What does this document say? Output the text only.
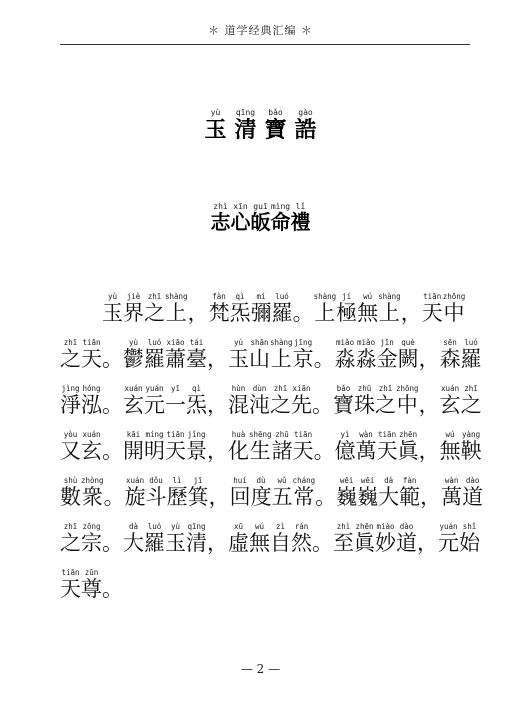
＊ 道学经典汇编 ＊
玉yù清qīng寶bǎo誥gào
志zhì心xīn皈guī命mìng禮lǐ
　　玉yù界jiè之zhī上shàng，梵fàn炁qì彌mí羅luó。上shàng極jí無wú上shàng，天tiān中zhōng
之zhī天tiān。鬱yù羅luó蕭xiāo臺tái，玉yù山shān上shàng京jīng。淼miǎo淼miǎo金jīn闕què，森sēn羅luó
淨jìng泓hóng。玄xuán元yuán一yī炁qì，混hùn沌dùn之zhī先xiān。寶bǎo珠zhū之zhī中zhōng，玄xuán之zhī
又yòu玄xuán。開kāi明míng天tiān景jǐng，化huà生shēng諸zhū天tiān。億yì萬wàn天tiān眞zhēn，無wú鞅yàng
數shù衆zhòng。旋xuán斗dǒu歷lì箕jī，回huí度dù五wǔ常cháng。巍wēi巍wēi大dà範fàn，萬wàn道dào
之zhī宗zōng。大dà羅luó玉yù清qīng，虛xū無wú自zì然rán。至zhì眞zhēn妙miào道dào，元yuán始shǐ
天tiān尊zūn。
— 2 —
